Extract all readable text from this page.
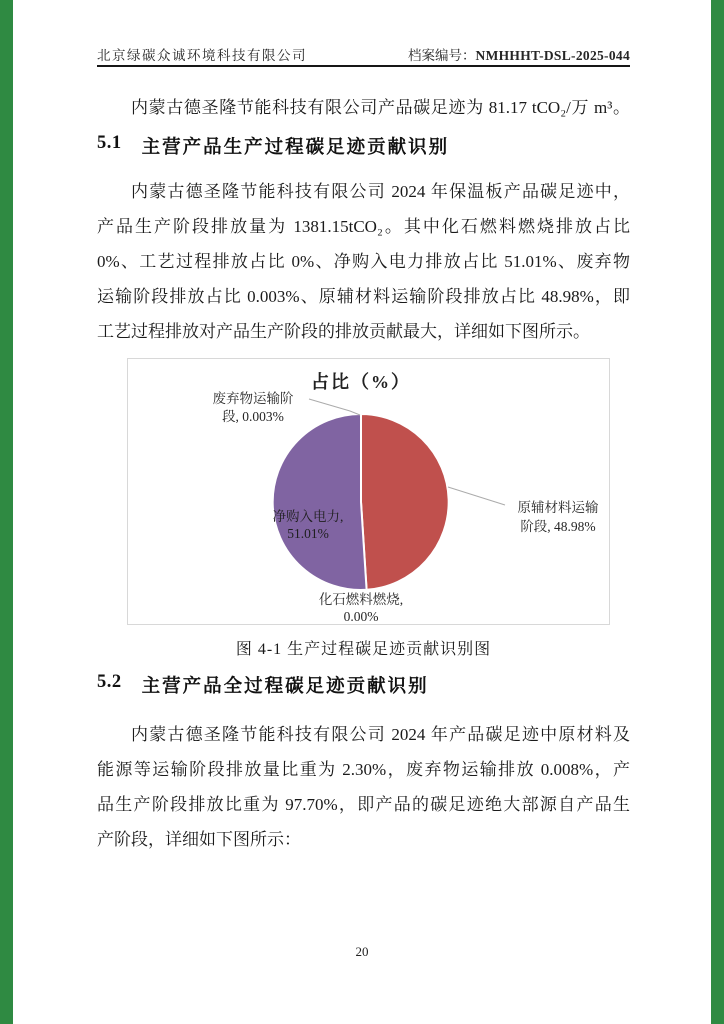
北京绿碳众诚环境科技有限公司	档案编号：NMHHHT-DSL-2025-044
内蒙古德圣隆节能科技有限公司产品碳足迹为 81.17 tCO₂/万 m³。
5.1 主营产品生产过程碳足迹贡献识别
内蒙古德圣隆节能科技有限公司 2024 年保温板产品碳足迹中，
产品生产阶段排放量为 1381.15tCO₂。其中化石燃料燃烧排放占比
0%、工艺过程排放占比 0%、净购入电力排放占比 51.01%、废弃物
运输阶段排放占比 0.003%、原辅材料运输阶段排放占比 48.98%，即
工艺过程排放对产品生产阶段的排放贡献最大，详细如下图所示。
占比（%）
废弃物运输阶
段, 0.003%
净购入电力,
51.01%
原辅材料运输
阶段, 48.98%
化石燃料燃烧,
0.00%
图 4-1 生产过程碳足迹贡献识别图
5.2 主营产品全过程碳足迹贡献识别
内蒙古德圣隆节能科技有限公司 2024 年产品碳足迹中原材料及
能源等运输阶段排放量比重为 2.30%，废弃物运输排放 0.008%，产
品生产阶段排放比重为 97.70%，即产品的碳足迹绝大部源自产品生
产阶段，详细如下图所示：
20
